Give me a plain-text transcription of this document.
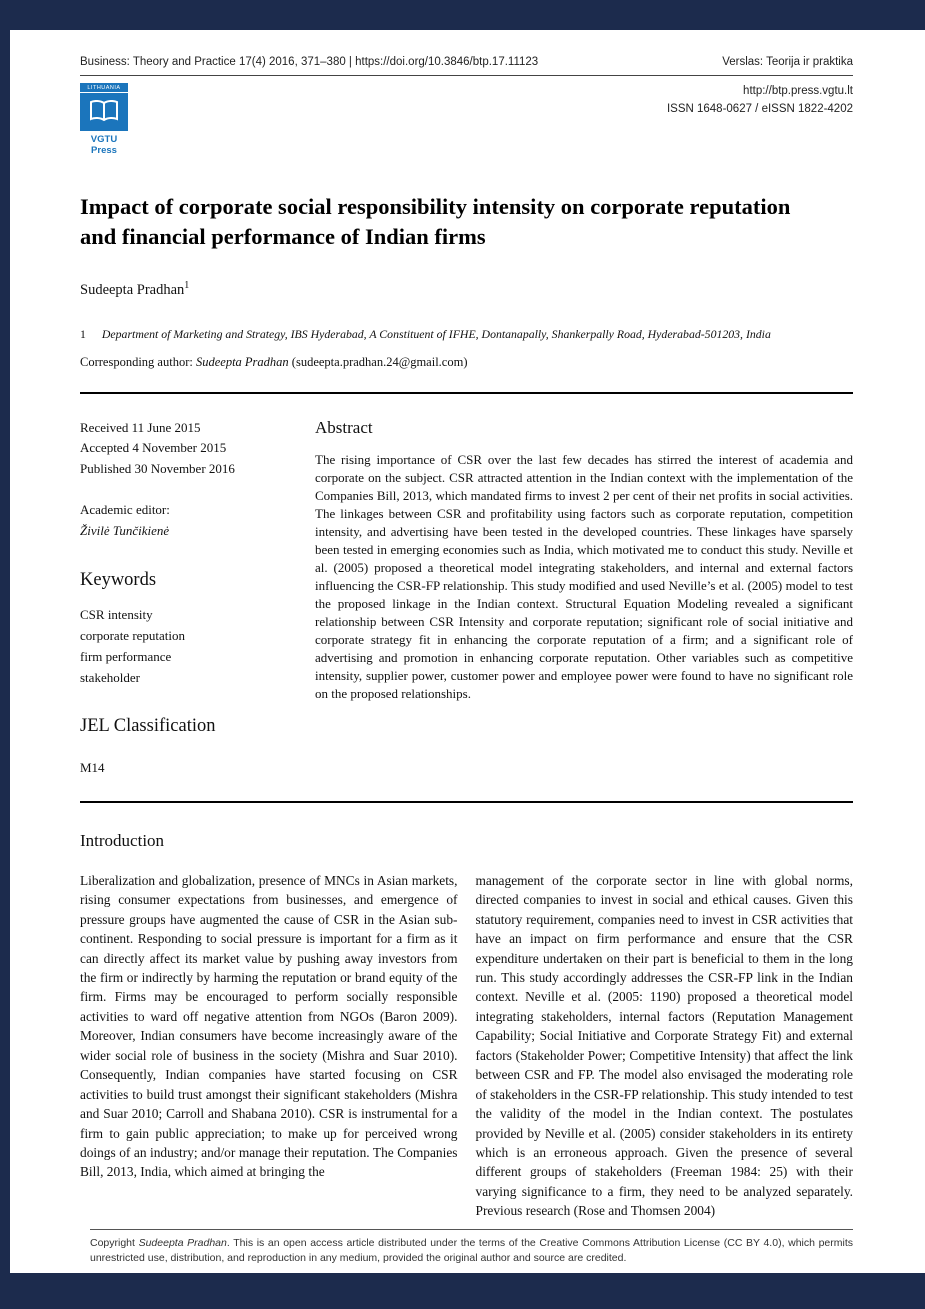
Business: Theory and Practice 17(4) 2016, 371–380 | https://doi.org/10.3846/btp.17.11123	Verslas: Teorija ir praktika
LITHUANIA
VGTU Press
http://btp.press.vgtu.lt
ISSN 1648-0627 / eISSN 1822-4202
Impact of corporate social responsibility intensity on corporate reputation and financial performance of Indian firms
Sudeepta Pradhan$^1$
1 Department of Marketing and Strategy, IBS Hyderabad, A Constituent of IFHE, Dontanapally, Shankerpally Road, Hyderabad-501203, India
Corresponding author: Sudeepta Pradhan (sudeepta.pradhan.24@gmail.com)
Received 11 June 2015
Accepted 4 November 2015
Published 30 November 2016
Academic editor:
Živilė Tunčikienė
Keywords
CSR intensity
corporate reputation
firm performance
stakeholder
JEL Classification
M14
Abstract

The rising importance of CSR over the last few decades has stirred the interest of academia and corporate on the subject. CSR attracted attention in the Indian context with the implementation of the Companies Bill, 2013, which mandated firms to invest 2 per cent of their net profits in social activities. The linkages between CSR and profitability using factors such as corporate reputation, competition intensity, and advertising have been tested in the developed countries. These linkages have sparsely been tested in emerging economies such as India, which motivated me to conduct this study. Neville et al. (2005) proposed a theoretical model integrating stakeholders, and internal and external factors influencing the CSR-FP relationship. This study modified and used Neville’s et al. (2005) model to test the proposed linkage in the Indian context. Structural Equation Modeling revealed a significant relationship between CSR Intensity and corporate reputation; significant role of social initiative and corporate strategy fit in enhancing the corporate reputation of a firm; and a significant role of advertising and promotion in enhancing corporate reputation. Other variables such as competitive intensity, supplier power, customer power and employee power were found to have no significant role on the proposed relationships.

Introduction
Liberalization and globalization, presence of MNCs in Asian markets, rising consumer expectations from businesses, and emergence of pressure groups have augmented the cause of CSR in the Asian sub-continent. Responding to social pressure is important for a firm as it can directly affect its market value by pushing away investors from the firm or indirectly by harming the reputation or brand equity of the firm. Firms may be encouraged to perform socially responsible activities to ward off negative attention from NGOs (Baron 2009). Moreover, Indian consumers have become increasingly aware of the wider social role of business in the society (Mishra and Suar 2010). Consequently, Indian companies have started focusing on CSR activities to build trust amongst their significant stakeholders (Mishra and Suar 2010; Carroll and Shabana 2010). CSR is instrumental for a firm to gain public appreciation; to make up for perceived wrong doings of an industry; and/or manage their reputation. The Companies Bill, 2013, India, which aimed at bringing the
management of the corporate sector in line with global norms, directed companies to invest in social and ethical causes. Given this statutory requirement, companies need to invest in CSR activities that have an impact on firm performance and ensure that the CSR expenditure undertaken on their part is beneficial to them in the long run. This study accordingly addresses the CSR-FP link in the Indian context. Neville et al. (2005: 1190) proposed a theoretical model integrating stakeholders, internal factors (Reputation Management Capability; Social Initiative and Corporate Strategy Fit) and external factors (Stakeholder Power; Competitive Intensity) that affect the link between CSR and FP. The model also envisaged the moderating role of stakeholders in the CSR-FP relationship. This study intended to test the validity of the model in the Indian context. The postulates provided by Neville et al. (2005) consider stakeholders in its entirety which is an erroneous approach. Given the presence of several different groups of stakeholders (Freeman 1984: 25) with their varying significance to a firm, they need to be analyzed separately. Previous research (Rose and Thomsen 2004)
Copyright Sudeepta Pradhan. This is an open access article distributed under the terms of the Creative Commons Attribution License (CC BY 4.0), which permits unrestricted use, distribution, and reproduction in any medium, provided the original author and source are credited.
